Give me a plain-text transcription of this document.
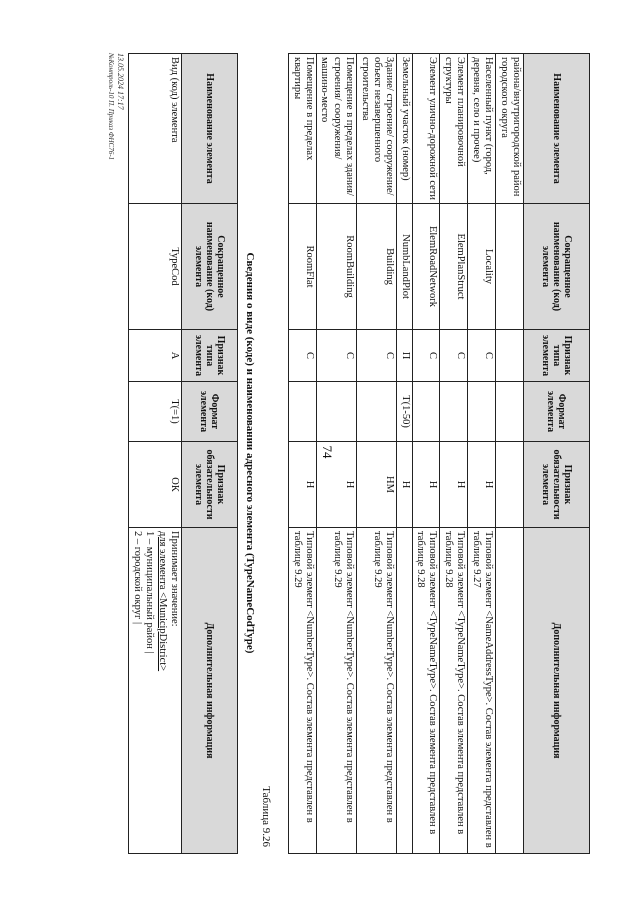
74
Наименование элемента	Сокращенное наименование (код) элемента	Признак типа элемента	Формат элемента	Признак обязательности элемента	Дополнительная информация
района/внутригородской район городского округа					
Населенный пункт (город, деревня, село и прочее)	Locality	С		Н	Типовой элемент <NameAddressType>. Состав элемента представлен в таблице 9.27
Элемент планировочной структуры	ElemPlanStruct	С		Н	Типовой элемент <TypeNameType>. Состав элемента представлен в таблице 9.28
Элемент улично-дорожной сети	ElemRoadNetwork	С		Н	Типовой элемент <TypeNameType>. Состав элемента представлен в таблице 9.28
Земельный участок (номер)	NumbLandPlot	П	T(1-50)	Н	
Здание/ строение/ сооружение/ объект незавершенного строительства	Building	С		НМ	Типовой элемент <NumberType>. Состав элемента представлен в таблице 9.29
Помещение в пределах здания/ строения/ сооружения/ машино-место	RoomBuilding	С		Н	Типовой элемент <NumberType>. Состав элемента представлен в таблице 9.29
Помещение в пределах квартиры	RoomFlat	С		Н	Типовой элемент <NumberType>. Состав элемента представлен в таблице 9.29
Таблица 9.26
Сведения о виде (коде) и наименовании адресного элемента (TypeNameCodType)
Наименование элемента	Сокращенное наименование (код) элемента	Признак типа элемента	Формат элемента	Признак обязательности элемента	Дополнительная информация
Вид (код) элемента	TypeCod	А	T(=1)	ОК	Принимает значение:
для элемента <MunicipDistrict>
1 – муниципальный район |
2 – городской округ |
13.05.2024 17:17
№Контроль-10 П. Приказ ФНС76-1
